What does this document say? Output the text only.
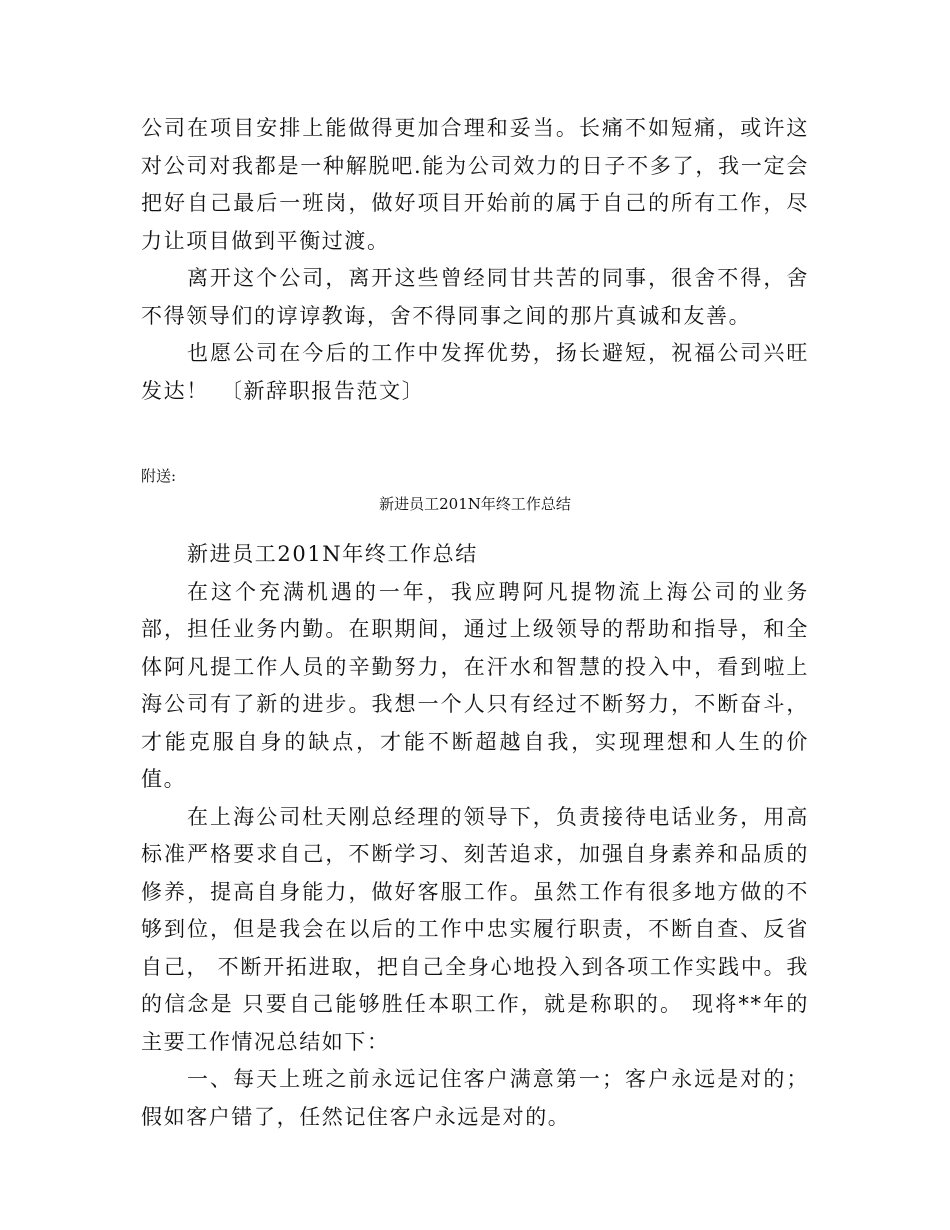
公司在项目安排上能做得更加合理和妥当。长痛不如短痛，或许这对公司对我都是一种解脱吧.能为公司效力的日子不多了，我一定会把好自己最后一班岗，做好项目开始前的属于自己的所有工作，尽力让项目做到平衡过渡。

离开这个公司，离开这些曾经同甘共苦的同事，很舍不得，舍不得领导们的谆谆教诲，舍不得同事之间的那片真诚和友善。

也愿公司在今后的工作中发挥优势，扬长避短，祝福公司兴旺发达！　〔新辞职报告范文〕

附送:

新进员工201N年终工作总结

新进员工201N年终工作总结

在这个充满机遇的一年，我应聘阿凡提物流上海公司的业务部，担任业务内勤。在职期间，通过上级领导的帮助和指导，和全体阿凡提工作人员的辛勤努力，在汗水和智慧的投入中，看到啦上海公司有了新的进步。我想一个人只有经过不断努力，不断奋斗，才能克服自身的缺点，才能不断超越自我，实现理想和人生的价值。

在上海公司杜天刚总经理的领导下，负责接待电话业务，用高标准严格要求自己，不断学习、刻苦追求，加强自身素养和品质的修养，提高自身能力，做好客服工作。虽然工作有很多地方做的不够到位，但是我会在以后的工作中忠实履行职责，不断自查、反省自己， 不断开拓进取，把自己全身心地投入到各项工作实践中。我的信念是 只要自己能够胜任本职工作，就是称职的。 现将**年的主要工作情况总结如下：

一、每天上班之前永远记住客户满意第一；客户永远是对的；假如客户错了，任然记住客户永远是对的。
